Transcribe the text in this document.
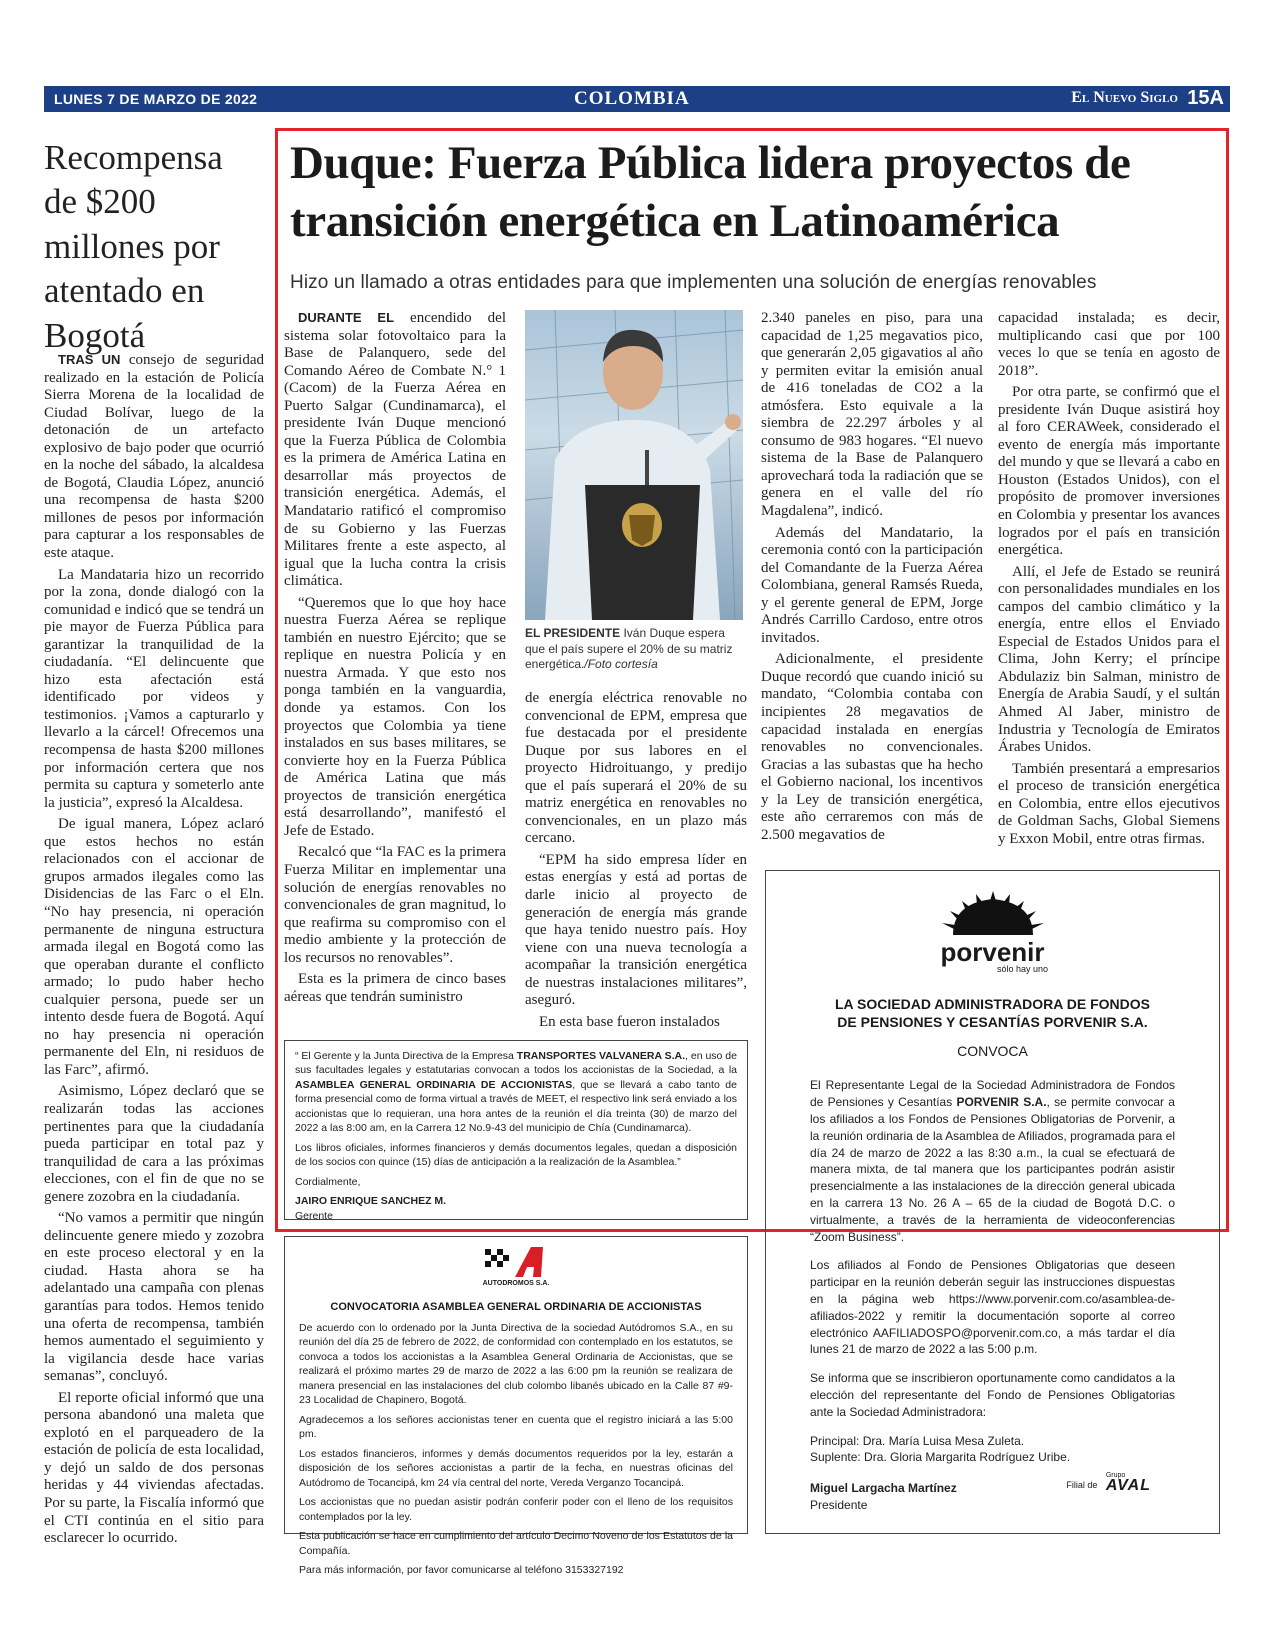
LUNES 7 DE MARZO DE 2022	COLOMBIA	El Nuevo Siglo 15A
Recompensa de $200 millones por atentado en Bogotá

TRAS UN consejo de seguridad realizado en la estación de Policía Sierra Morena de la localidad de Ciudad Bolívar, luego de la detonación de un artefacto explosivo de bajo poder que ocurrió en la noche del sábado, la alcaldesa de Bogotá, Claudia López, anunció una recompensa de hasta $200 millones de pesos por información para capturar a los responsables de este ataque.

La Mandataria hizo un recorrido por la zona, donde dialogó con la comunidad e indicó que se tendrá un pie mayor de Fuerza Pública para garantizar la tranquilidad de la ciudadanía. “El delincuente que hizo esta afectación está identificado por videos y testimonios. ¡Vamos a capturarlo y llevarlo a la cárcel! Ofrecemos una recompensa de hasta $200 millones por información certera que nos permita su captura y someterlo ante la justicia”, expresó la Alcaldesa.

De igual manera, López aclaró que estos hechos no están relacionados con el accionar de grupos armados ilegales como las Disidencias de las Farc o el Eln. “No hay presencia, ni operación permanente de ninguna estructura armada ilegal en Bogotá como las que operaban durante el conflicto armado; lo pudo haber hecho cualquier persona, puede ser un intento desde fuera de Bogotá. Aquí no hay presencia ni operación permanente del Eln, ni residuos de las Farc”, afirmó.

Asimismo, López declaró que se realizarán todas las acciones pertinentes para que la ciudadanía pueda participar en total paz y tranquilidad de cara a las próximas elecciones, con el fin de que no se genere zozobra en la ciudadanía.

“No vamos a permitir que ningún delincuente genere miedo y zozobra en este proceso electoral y en la ciudad. Hasta ahora se ha adelantado una campaña con plenas garantías para todos. Hemos tenido una oferta de recompensa, también hemos aumentado el seguimiento y la vigilancia desde hace varias semanas”, concluyó.

El reporte oficial informó que una persona abandonó una maleta que explotó en el parqueadero de la estación de policía de esta localidad, y dejó un saldo de dos personas heridas y 44 viviendas afectadas. Por su parte, la Fiscalía informó que el CTI continúa en el sitio para esclarecer lo ocurrido.

Duque: Fuerza Pública lidera proyectos de transición energética en Latinoamérica
Hizo un llamado a otras entidades para que implementen una solución de energías renovables

DURANTE EL encendido del sistema solar fotovoltaico para la Base de Palanquero, sede del Comando Aéreo de Combate N.° 1 (Cacom) de la Fuerza Aérea en Puerto Salgar (Cundinamarca), el presidente Iván Duque mencionó que la Fuerza Pública de Colombia es la primera de América Latina en desarrollar más proyectos de transición energética. Además, el Mandatario ratificó el compromiso de su Gobierno y las Fuerzas Militares frente a este aspecto, al igual que la lucha contra la crisis climática.

“Queremos que lo que hoy hace nuestra Fuerza Aérea se replique también en nuestro Ejército; que se replique en nuestra Policía y en nuestra Armada. Y que esto nos ponga también en la vanguardia, donde ya estamos. Con los proyectos que Colombia ya tiene instalados en sus bases militares, se convierte hoy en la Fuerza Pública de América Latina que más proyectos de transición energética está desarrollando”, manifestó el Jefe de Estado.

Recalcó que “la FAC es la primera Fuerza Militar en implementar una solución de energías renovables no convencionales de gran magnitud, lo que reafirma su compromiso con el medio ambiente y la protección de los recursos no renovables”.

Esta es la primera de cinco bases aéreas que tendrán suministro

EL PRESIDENTE Iván Duque espera que el país supere el 20% de su matriz energética./Foto cortesía

de energía eléctrica renovable no convencional de EPM, empresa que fue destacada por el presidente Duque por sus labores en el proyecto Hidroituango, y predijo que el país superará el 20% de su matriz energética en renovables no convencionales, en un plazo más cercano.

“EPM ha sido empresa líder en estas energías y está ad portas de darle inicio al proyecto de generación de energía más grande que haya tenido nuestro país. Hoy viene con una nueva tecnología a acompañar la transición energética de nuestras instalaciones militares”, aseguró.

En esta base fueron instalados

2.340 paneles en piso, para una capacidad de 1,25 megavatios pico, que generarán 2,05 gigavatios al año y permiten evitar la emisión anual de 416 toneladas de CO2 a la atmósfera. Esto equivale a la siembra de 22.297 árboles y al consumo de 983 hogares. “El nuevo sistema de la Base de Palanquero aprovechará toda la radiación que se genera en el valle del río Magdalena”, indicó.

Además del Mandatario, la ceremonia contó con la participación del Comandante de la Fuerza Aérea Colombiana, general Ramsés Rueda, y el gerente general de EPM, Jorge Andrés Carrillo Cardoso, entre otros invitados.

Adicionalmente, el presidente Duque recordó que cuando inició su mandato, “Colombia contaba con incipientes 28 megavatios de capacidad instalada en energías renovables no convencionales. Gracias a las subastas que ha hecho el Gobierno nacional, los incentivos y la Ley de transición energética, este año cerraremos con más de 2.500 megavatios de

capacidad instalada; es decir, multiplicando casi que por 100 veces lo que se tenía en agosto de 2018”.

Por otra parte, se confirmó que el presidente Iván Duque asistirá hoy al foro CERAWeek, considerado el evento de energía más importante del mundo y que se llevará a cabo en Houston (Estados Unidos), con el propósito de promover inversiones en Colombia y presentar los avances logrados por el país en transición energética.

Allí, el Jefe de Estado se reunirá con personalidades mundiales en los campos del cambio climático y la energía, entre ellos el Enviado Especial de Estados Unidos para el Clima, John Kerry; el príncipe Abdulaziz bin Salman, ministro de Energía de Arabia Saudí, y el sultán Ahmed Al Jaber, ministro de Industria y Tecnología de Emiratos Árabes Unidos.

También presentará a empresarios el proceso de transición energética en Colombia, entre ellos ejecutivos de Goldman Sachs, Global Siemens y Exxon Mobil, entre otras firmas.

“ El Gerente y la Junta Directiva de la Empresa TRANSPORTES VALVANERA S.A., en uso de sus facultades legales y estatutarias convocan a todos los accionistas de la Sociedad, a la ASAMBLEA GENERAL ORDINARIA DE ACCIONISTAS, que se llevará a cabo tanto de forma presencial como de forma virtual a través de MEET, el respectivo link será enviado a los accionistas que lo requieran, una hora antes de la reunión el día treinta (30) de marzo del 2022 a las 8:00 am, en la Carrera 12 No.9-43 del municipio de Chía (Cundinamarca).

Los libros oficiales, informes financieros y demás documentos legales, quedan a disposición de los socios con quince (15) días de anticipación a la realización de la Asamblea.”

Cordialmente,

JAIRO ENRIQUE SANCHEZ M.
Gerente
AUTODROMOS S.A.
CONVOCATORIA ASAMBLEA GENERAL ORDINARIA DE ACCIONISTAS

De acuerdo con lo ordenado por la Junta Directiva de la sociedad Autódromos S.A., en su reunión del día 25 de febrero de 2022, de conformidad con contemplado en los estatutos, se convoca a todos los accionistas a la Asamblea General Ordinaria de Accionistas, que se realizará el próximo martes 29 de marzo de 2022 a las 6:00 pm la reunión se realizara de manera presencial en las instalaciones del club colombo libanés ubicado en la Calle 87 #9-23 Localidad de Chapinero, Bogotá.

Agradecemos a los señores accionistas tener en cuenta que el registro iniciará a las 5:00 pm.

Los estados financieros, informes y demás documentos requeridos por la ley, estarán a disposición de los señores accionistas a partir de la fecha, en nuestras oficinas del Autódromo de Tocancipá, km 24 vía central del norte, Vereda Verganzo Tocancipá.

Los accionistas que no puedan asistir podrán conferir poder con el lleno de los requisitos contemplados por la ley.

Esta publicación se hace en cumplimiento del artículo Decimo Noveno de los Estatutos de la Compañía.

Para más información, por favor comunicarse al teléfono 3153327192

porvenir
sólo hay uno
LA SOCIEDAD ADMINISTRADORA DE FONDOS
DE PENSIONES Y CESANTÍAS PORVENIR S.A.
CONVOCA

El Representante Legal de la Sociedad Administradora de Fondos de Pensiones y Cesantías PORVENIR S.A., se permite convocar a los afiliados a los Fondos de Pensiones Obligatorias de Porvenir, a la reunión ordinaria de la Asamblea de Afiliados, programada para el día 24 de marzo de 2022 a las 8:30 a.m., la cual se efectuará de manera mixta, de tal manera que los participantes podrán asistir presencialmente a las instalaciones de la dirección general ubicada en la carrera 13 No. 26 A – 65 de la ciudad de Bogotá D.C. o virtualmente, a través de la herramienta de videoconferencias “Zoom Business”.

Los afiliados al Fondo de Pensiones Obligatorias que deseen participar en la reunión deberán seguir las instrucciones dispuestas en la página web https://www.porvenir.com.co/asamblea-de-afiliados-2022 y remitir la documentación soporte al correo electrónico AAFILIADOSPO@porvenir.com.co, a más tardar el día lunes 21 de marzo de 2022 a las 5:00 p.m.

Se informa que se inscribieron oportunamente como candidatos a la elección del representante del Fondo de Pensiones Obligatorias ante la Sociedad Administradora:

Principal: Dra. María Luisa Mesa Zuleta.
Suplente: Dra. Gloria Margarita Rodríguez Uribe.
Miguel Largacha Martínez
Presidente
Filial de
Grupo
AVAL
